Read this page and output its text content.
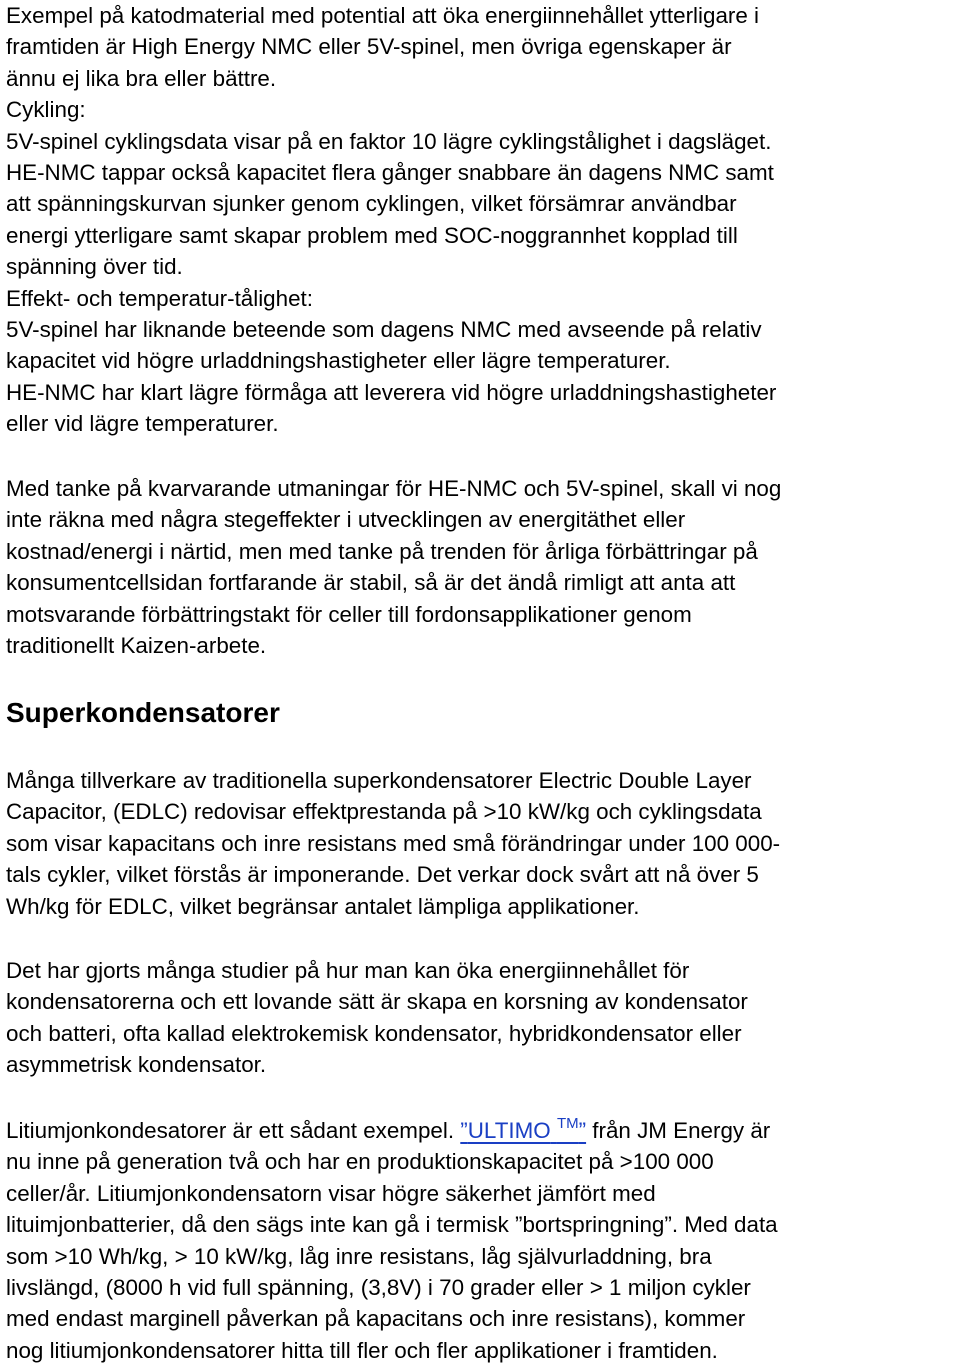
Exempel på katodmaterial med potential att öka energiinnehållet ytterligare i
framtiden är High Energy NMC eller 5V-spinel, men övriga egenskaper är
ännu ej lika bra eller bättre.
Cykling:
5V-spinel cyklingsdata visar på en faktor 10 lägre cyklingstålighet i dagsläget.
HE-NMC tappar också kapacitet flera gånger snabbare än dagens NMC samt
att spänningskurvan sjunker genom cyklingen, vilket försämrar användbar
energi ytterligare samt skapar problem med SOC-noggrannhet kopplad till
spänning över tid.
Effekt- och temperatur-tålighet:
5V-spinel har liknande beteende som dagens NMC med avseende på relativ
kapacitet vid högre urladdningshastigheter eller lägre temperaturer.
HE-NMC har klart lägre förmåga att leverera vid högre urladdningshastigheter
eller vid lägre temperaturer.
Med tanke på kvarvarande utmaningar för HE-NMC och 5V-spinel, skall vi nog
inte räkna med några stegeffekter i utvecklingen av energitäthet eller
kostnad/energi i närtid, men med tanke på trenden för årliga förbättringar på
konsumentcellsidan fortfarande är stabil, så är det ändå rimligt att anta att
motsvarande förbättringstakt för celler till fordonsapplikationer genom
traditionellt Kaizen-arbete.
Superkondensatorer
Många tillverkare av traditionella superkondensatorer Electric Double Layer
Capacitor, (EDLC) redovisar effektprestanda på >10 kW/kg och cyklingsdata
som visar kapacitans och inre resistans med små förändringar under 100 000-
tals cykler, vilket förstås är imponerande. Det verkar dock svårt att nå över 5
Wh/kg för EDLC, vilket begränsar antalet lämpliga applikationer.
Det har gjorts många studier på hur man kan öka energiinnehållet för
kondensatorerna och ett lovande sätt är skapa en korsning av kondensator
och batteri, ofta kallad elektrokemisk kondensator, hybridkondensator eller
asymmetrisk kondensator.
Litiumjonkondesatorer är ett sådant exempel. ”ULTIMO ™” från JM Energy är
nu inne på generation två och har en produktionskapacitet på >100 000
celler/år. Litiumjonkondensatorn visar högre säkerhet jämfört med
lituimjonbatterier, då den sägs inte kan gå i termisk ”bortspringning”. Med data
som >10 Wh/kg, > 10 kW/kg, låg inre resistans, låg självurladdning, bra
livslängd, (8000 h vid full spänning, (3,8V) i 70 grader eller > 1 miljon cykler
med endast marginell påverkan på kapacitans och inre resistans), kommer
nog litiumjonkondensatorer hitta till fler och fler applikationer i framtiden.
